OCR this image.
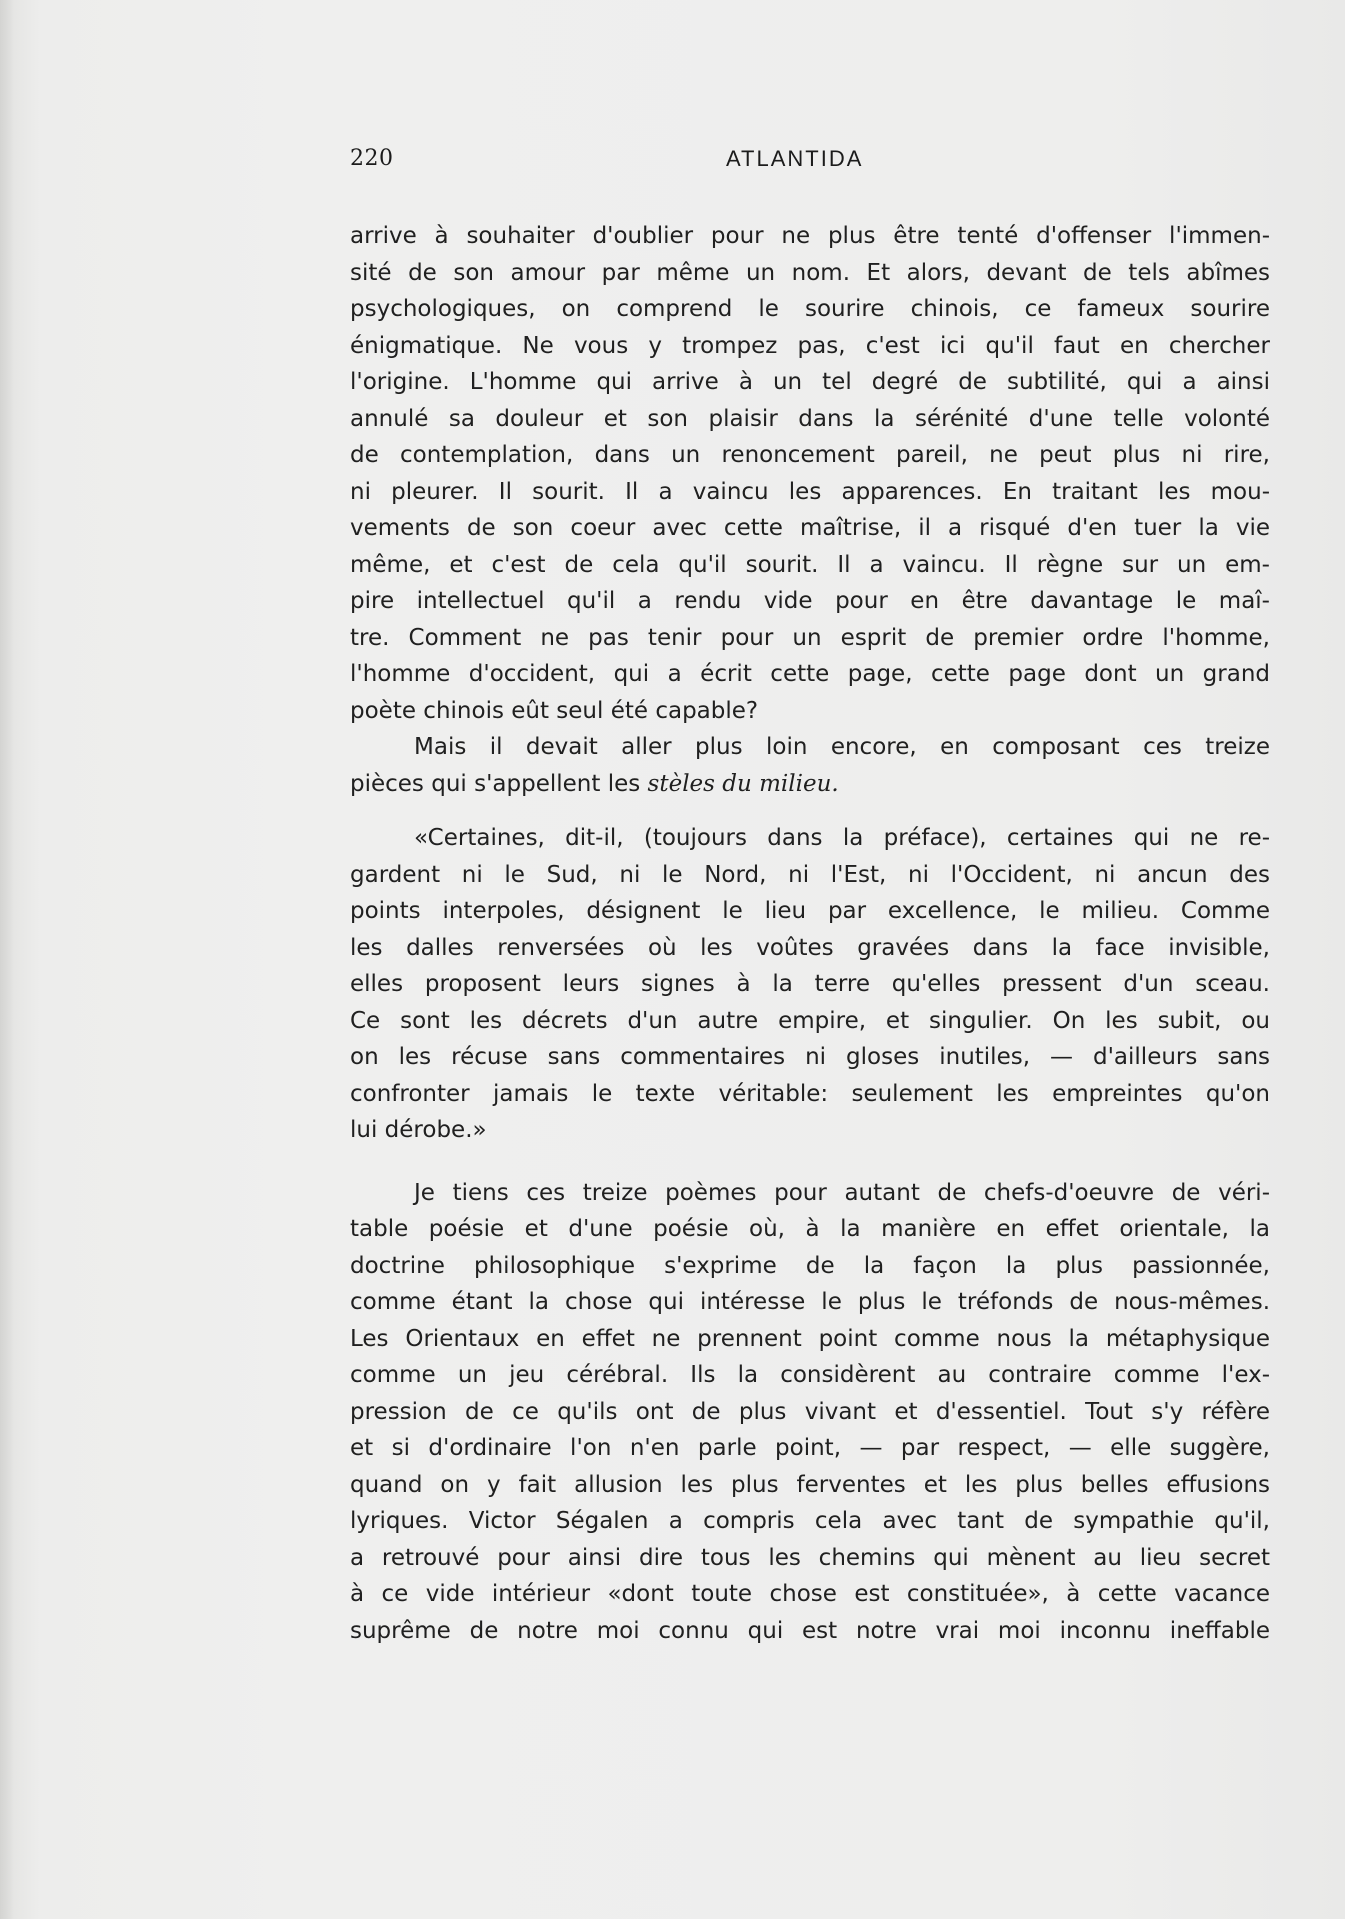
220	ATLANTIDA
arrive à souhaiter d'oublier pour ne plus être tenté d'offenser l'immen-
sité de son amour par même un nom. Et alors, devant de tels abîmes
psychologiques, on comprend le sourire chinois, ce fameux sourire
énigmatique. Ne vous y trompez pas, c'est ici qu'il faut en chercher
l'origine. L'homme qui arrive à un tel degré de subtilité, qui a ainsi
annulé sa douleur et son plaisir dans la sérénité d'une telle volonté
de contemplation, dans un renoncement pareil, ne peut plus ni rire,
ni pleurer. Il sourit. Il a vaincu les apparences. En traitant les mou-
vements de son coeur avec cette maîtrise, il a risqué d'en tuer la vie
même, et c'est de cela qu'il sourit. Il a vaincu. Il règne sur un em-
pire intellectuel qu'il a rendu vide pour en être davantage le maî-
tre. Comment ne pas tenir pour un esprit de premier ordre l'homme,
l'homme d'occident, qui a écrit cette page, cette page dont un grand
poète chinois eût seul été capable?
Mais il devait aller plus loin encore, en composant ces treize
pièces qui s'appellent les stèles du milieu.
«Certaines, dit-il, (toujours dans la préface), certaines qui ne re-
gardent ni le Sud, ni le Nord, ni l'Est, ni l'Occident, ni ancun des
points interpoles, désignent le lieu par excellence, le milieu. Comme
les dalles renversées où les voûtes gravées dans la face invisible,
elles proposent leurs signes à la terre qu'elles pressent d'un sceau.
Ce sont les décrets d'un autre empire, et singulier. On les subit, ou
on les récuse sans commentaires ni gloses inutiles, — d'ailleurs sans
confronter jamais le texte véritable: seulement les empreintes qu'on
lui dérobe.»
Je tiens ces treize poèmes pour autant de chefs-d'oeuvre de véri-
table poésie et d'une poésie où, à la manière en effet orientale, la
doctrine philosophique s'exprime de la façon la plus passionnée,
comme étant la chose qui intéresse le plus le tréfonds de nous-mêmes.
Les Orientaux en effet ne prennent point comme nous la métaphysique
comme un jeu cérébral. Ils la considèrent au contraire comme l'ex-
pression de ce qu'ils ont de plus vivant et d'essentiel. Tout s'y réfère
et si d'ordinaire l'on n'en parle point, — par respect, — elle suggère,
quand on y fait allusion les plus ferventes et les plus belles effusions
lyriques. Victor Ségalen a compris cela avec tant de sympathie qu'il,
a retrouvé pour ainsi dire tous les chemins qui mènent au lieu secret
à ce vide intérieur «dont toute chose est constituée», à cette vacance
suprême de notre moi connu qui est notre vrai moi inconnu ineffable
